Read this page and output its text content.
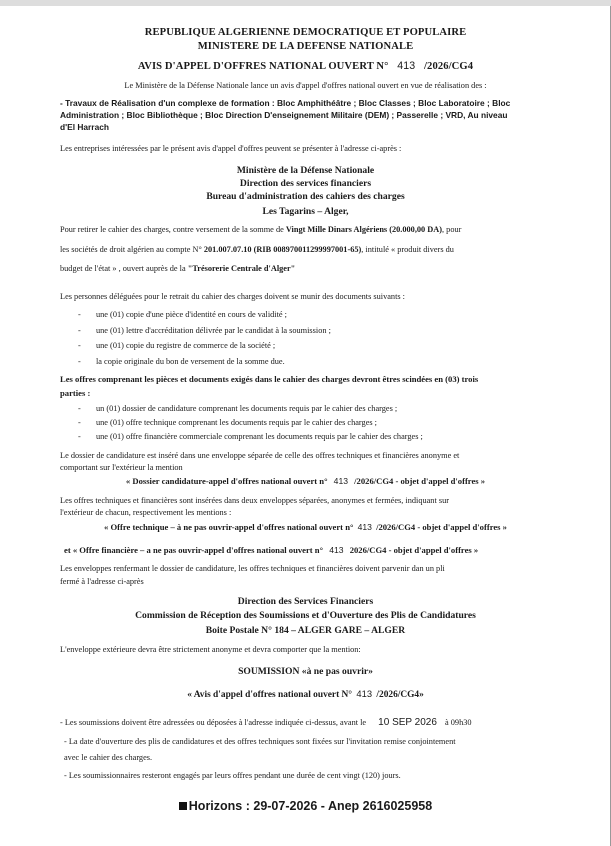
REPUBLIQUE ALGERIENNE DEMOCRATIQUE ET POPULAIRE
MINISTERE DE LA DEFENSE NATIONALE
AVIS D'APPEL D'OFFRES NATIONAL OUVERT N° 413 /2026/CG4
Le Ministère de la Défense Nationale lance un avis d'appel d'offres national ouvert en vue de réalisation des :
- Travaux de Réalisation d'un complexe de formation : Bloc Amphithéâtre ; Bloc Classes ; Bloc Laboratoire ; Bloc
Administration ; Bloc Bibliothèque ; Bloc Direction D'enseignement Militaire (DEM) ; Passerelle ; VRD, Au niveau
d'El Harrach
Les entreprises intéressées par le présent avis d'appel d'offres peuvent se présenter à l'adresse ci-après :
Ministère de la Défense Nationale
Direction des services financiers
Bureau d'administration des cahiers des charges
Les Tagarins – Alger,
Pour retirer le cahier des charges, contre versement de la somme de Vingt Mille Dinars Algériens (20.000,00 DA), pour
les sociétés de droit algérien au compte N° 201.007.07.10 (RIB 008970011299997001-65), intitulé « produit divers du
budget de l'état » , ouvert auprès de la "Trésorerie Centrale d'Alger"
Les personnes déléguées pour le retrait du cahier des charges doivent se munir des documents suivants :
- une (01) copie d'une pièce d'identité en cours de validité ;
- une (01) lettre d'accréditation délivrée par le candidat à la soumission ;
- une (01) copie du registre de commerce de la société ;
- la copie originale du bon de versement de la somme due.
Les offres comprenant les pièces et documents exigés dans le cahier des charges devront êtres scindées en (03) trois
parties :
- un (01) dossier de candidature comprenant les documents requis par le cahier des charges ;
- une (01) offre technique comprenant les documents requis par le cahier des charges ;
- une (01) offre financière commerciale comprenant les documents requis par le cahier des charges ;
Le dossier de candidature est inséré dans une enveloppe séparée de celle des offres techniques et financières anonyme et
comportant sur l'extérieur la mention
« Dossier candidature-appel d'offres national ouvert n° 413 /2026/CG4 - objet d'appel d'offres »
Les offres techniques et financières sont insérées dans deux enveloppes séparées, anonymes et fermées, indiquant sur
l'extérieur de chacun, respectivement les mentions :
« Offre technique – à ne pas ouvrir-appel d'offres national ouvert n° 413 /2026/CG4 - objet d'appel d'offres »
et « Offre financière – a ne pas ouvrir-appel d'offres national ouvert n° 413 2026/CG4 - objet d'appel d'offres »
Les enveloppes renfermant le dossier de candidature, les offres techniques et financières doivent parvenir dan un pli
fermé à l'adresse ci-après
Direction des Services Financiers
Commission de Réception des Soumissions et d'Ouverture des Plis de Candidatures
Boite Postale N° 184 – ALGER GARE – ALGER
L'enveloppe extérieure devra être strictement anonyme et devra comporter que la mention:
SOUMISSION «à ne pas ouvrir»
« Avis d'appel d'offres national ouvert N° 413 /2026/CG4»
- Les soumissions doivent être adressées ou déposées à l'adresse indiquée ci-dessus, avant le 10 SEP 2026 à 09h30
- La date d'ouverture des plis de candidatures et des offres techniques sont fixées sur l'invitation remise conjointement
avec le cahier des charges.
- Les soumissionnaires resteront engagés par leurs offres pendant une durée de cent vingt (120) jours.
Horizons : 29-07-2026 - Anep 2616025958
